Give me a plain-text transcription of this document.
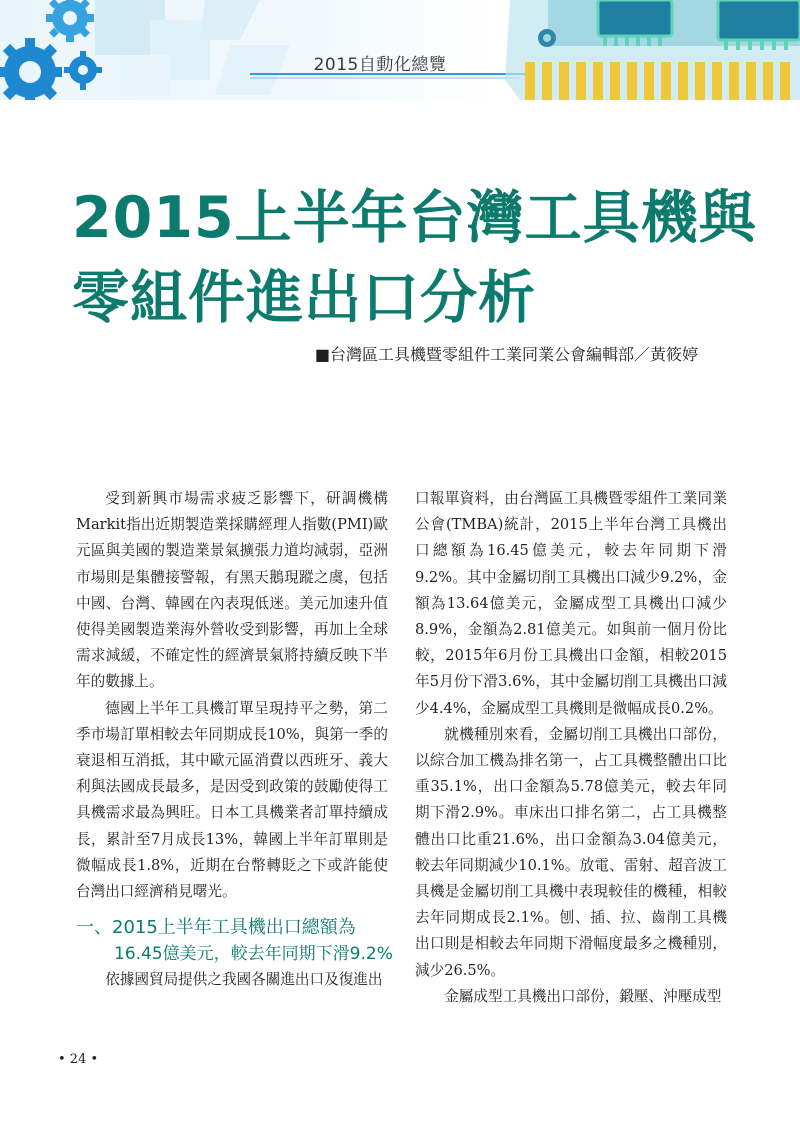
2015自動化總覽
2015上半年台灣工具機與
零組件進出口分析
■台灣區工具機暨零組件工業同業公會編輯部／黃筱婷

受到新興市場需求疲乏影響下，研調機構Markit指出近期製造業採購經理人指數(PMI)歐元區與美國的製造業景氣擴張力道均減弱，亞洲市場則是集體接警報，有黑天鵝現蹤之虞，包括中國、台灣、韓國在內表現低迷。美元加速升值使得美國製造業海外營收受到影響，再加上全球需求減緩，不確定性的經濟景氣將持續反映下半年的數據上。

德國上半年工具機訂單呈現持平之勢，第二季市場訂單相較去年同期成長10%，與第一季的衰退相互消抵，其中歐元區消費以西班牙、義大利與法國成長最多，是因受到政策的鼓勵使得工具機需求最為興旺。日本工具機業者訂單持續成長，累計至7月成長13%，韓國上半年訂單則是微幅成長1.8%，近期在台幣轉貶之下或許能使台灣出口經濟稍見曙光。

一、2015上半年工具機出口總額為
16.45億美元，較去年同期下滑9.2%

依據國貿局提供之我國各關進出口及復進出

口報單資料，由台灣區工具機暨零組件工業同業公會(TMBA)統計，2015上半年台灣工具機出口總額為16.45億美元，較去年同期下滑9.2%。其中金屬切削工具機出口減少9.2%，金額為13.64億美元，金屬成型工具機出口減少8.9%，金額為2.81億美元。如與前一個月份比較，2015年6月份工具機出口金額，相較2015年5月份下滑3.6%，其中金屬切削工具機出口減少4.4%，金屬成型工具機則是微幅成長0.2%。

就機種別來看，金屬切削工具機出口部份，以綜合加工機為排名第一，占工具機整體出口比重35.1%，出口金額為5.78億美元，較去年同期下滑2.9%。車床出口排名第二，占工具機整體出口比重21.6%，出口金額為3.04億美元，較去年同期減少10.1%。放電、雷射、超音波工具機是金屬切削工具機中表現較佳的機種，相較去年同期成長2.1%。刨、插、拉、齒削工具機出口則是相較去年同期下滑幅度最多之機種別，減少26.5%。

金屬成型工具機出口部份，鍛壓、沖壓成型

• 24 •
